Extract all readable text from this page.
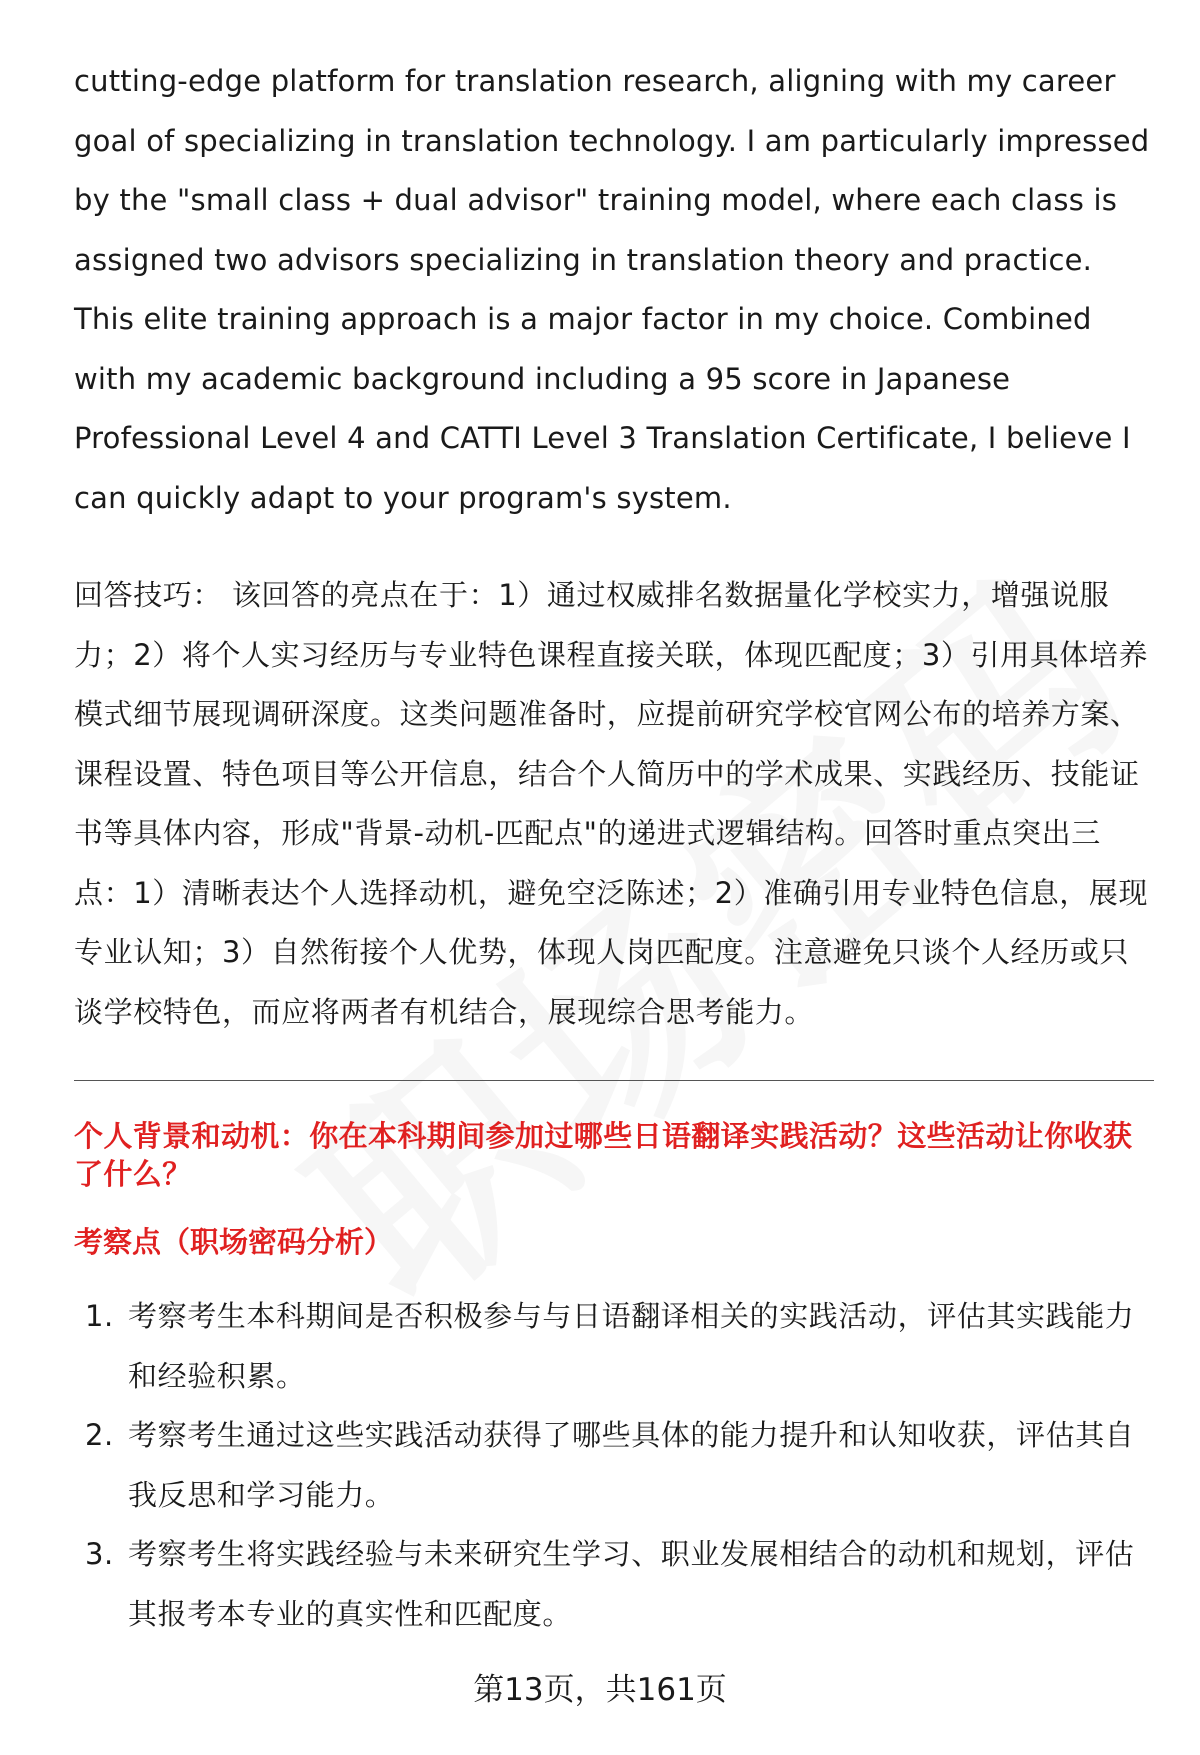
cutting-edge platform for translation research, aligning with my career goal of specializing in translation technology. I am particularly impressed by the "small class + dual advisor" training model, where each class is assigned two advisors specializing in translation theory and practice. This elite training approach is a major factor in my choice. Combined with my academic background including a 95 score in Japanese Professional Level 4 and CATTI Level 3 Translation Certificate, I believe I can quickly adapt to your program's system.

回答技巧： 该回答的亮点在于：1）通过权威排名数据量化学校实力，增强说服力；2）将个人实习经历与专业特色课程直接关联，体现匹配度；3）引用具体培养模式细节展现调研深度。这类问题准备时，应提前研究学校官网公布的培养方案、课程设置、特色项目等公开信息，结合个人简历中的学术成果、实践经历、技能证书等具体内容，形成"背景-动机-匹配点"的递进式逻辑结构。回答时重点突出三点：1）清晰表达个人选择动机，避免空泛陈述；2）准确引用专业特色信息，展现专业认知；3）自然衔接个人优势，体现人岗匹配度。注意避免只谈个人经历或只谈学校特色，而应将两者有机结合，展现综合思考能力。

个人背景和动机：你在本科期间参加过哪些日语翻译实践活动？这些活动让你收获了什么？
考察点（职场密码分析）
1. 考察考生本科期间是否积极参与与日语翻译相关的实践活动，评估其实践能力和经验积累。
2. 考察考生通过这些实践活动获得了哪些具体的能力提升和认知收获，评估其自我反思和学习能力。
3. 考察考生将实践经验与未来研究生学习、职业发展相结合的动机和规划，评估其报考本专业的真实性和匹配度。
第13页，共161页
